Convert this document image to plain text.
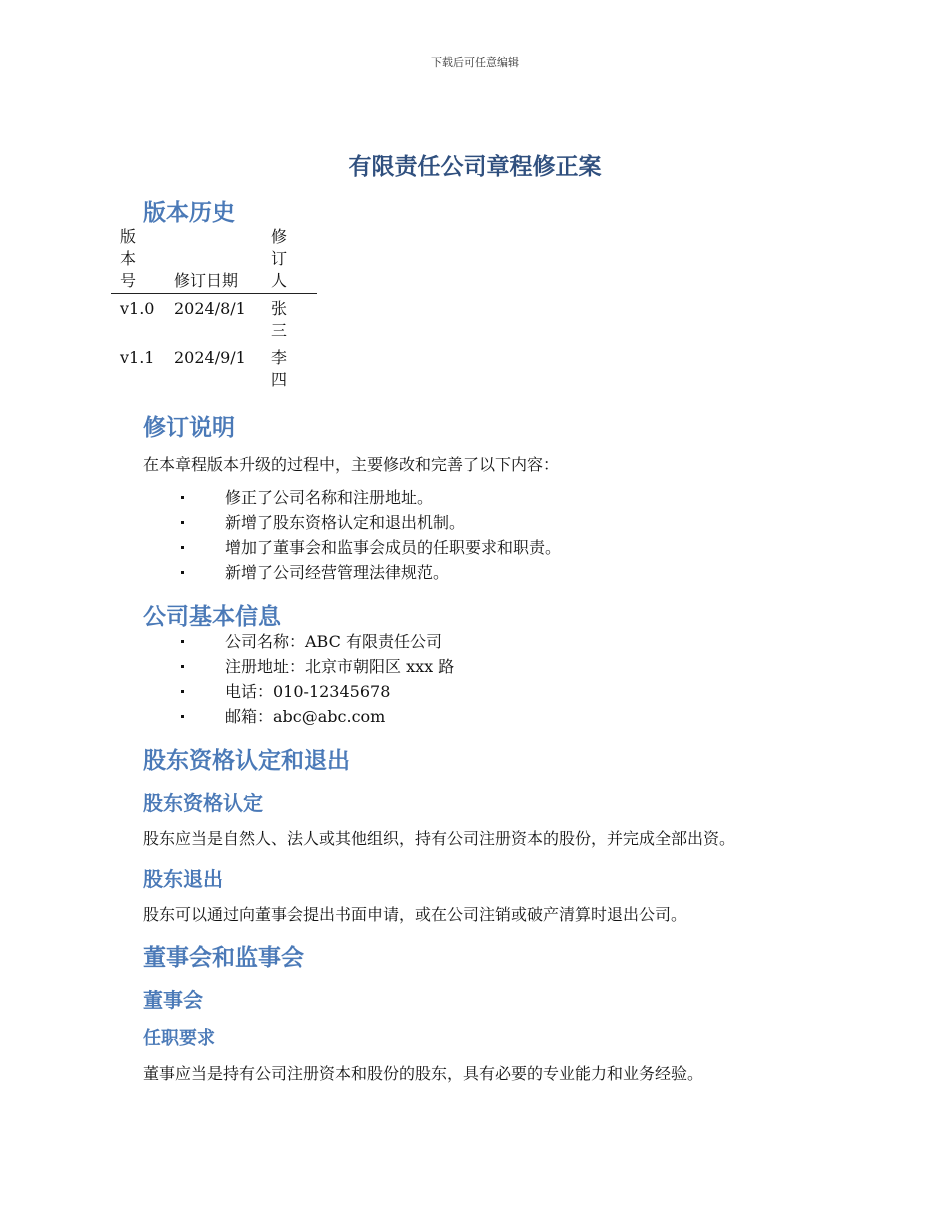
下载后可任意编辑
有限责任公司章程修正案
版本历史
版
本
号 修订日期
修
订
人
v1.0 2024/8/1 张
三
v1.1 2024/9/1 李
四
修订说明

在本章程版本升级的过程中，主要修改和完善了以下内容：

修正了公司名称和注册地址。
新增了股东资格认定和退出机制。
增加了董事会和监事会成员的任职要求和职责。
新增了公司经营管理法律规范。
公司基本信息
公司名称：ABC 有限责任公司
注册地址：北京市朝阳区 xxx 路
电话：010-12345678
邮箱：abc@abc.com
股东资格认定和退出
股东资格认定

股东应当是自然人、法人或其他组织，持有公司注册资本的股份，并完成全部出资。

股东退出

股东可以通过向董事会提出书面申请，或在公司注销或破产清算时退出公司。

董事会和监事会
董事会
任职要求

董事应当是持有公司注册资本和股份的股东，具有必要的专业能力和业务经验。
